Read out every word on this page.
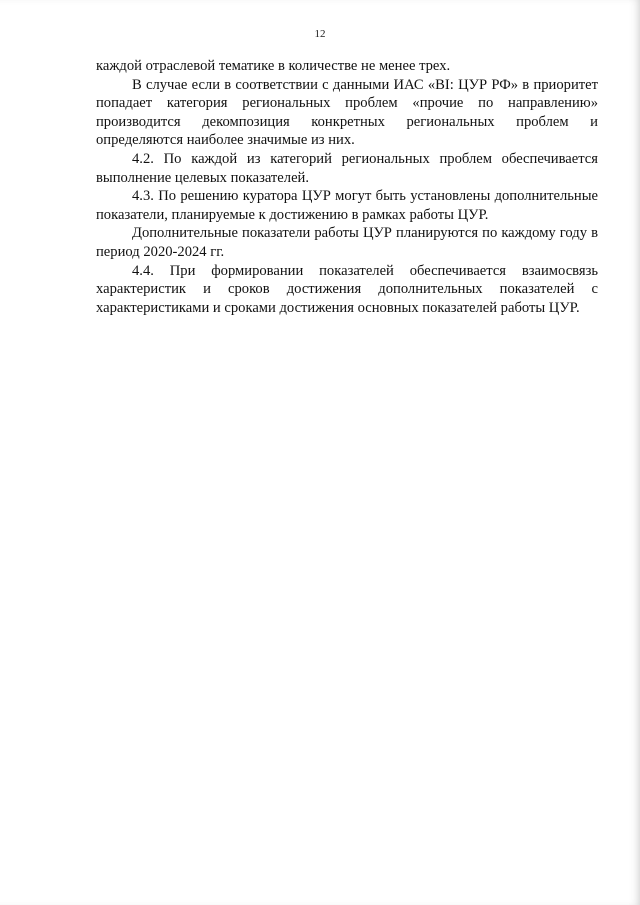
12

каждой отраслевой тематике в количестве не менее трех.

В случае если в соответствии с данными ИАС «BI: ЦУР РФ» в приоритет попадает категория региональных проблем «прочие по направлению» производится декомпозиция конкретных региональных проблем и определяются наиболее значимые из них.

4.2. По каждой из категорий региональных проблем обеспечивается выполнение целевых показателей.

4.3. По решению куратора ЦУР могут быть установлены дополнительные показатели, планируемые к достижению в рамках работы ЦУР.

Дополнительные показатели работы ЦУР планируются по каждому году в период 2020-2024 гг.

4.4. При формировании показателей обеспечивается взаимосвязь характеристик и сроков достижения дополнительных показателей с характеристиками и сроками достижения основных показателей работы ЦУР.
